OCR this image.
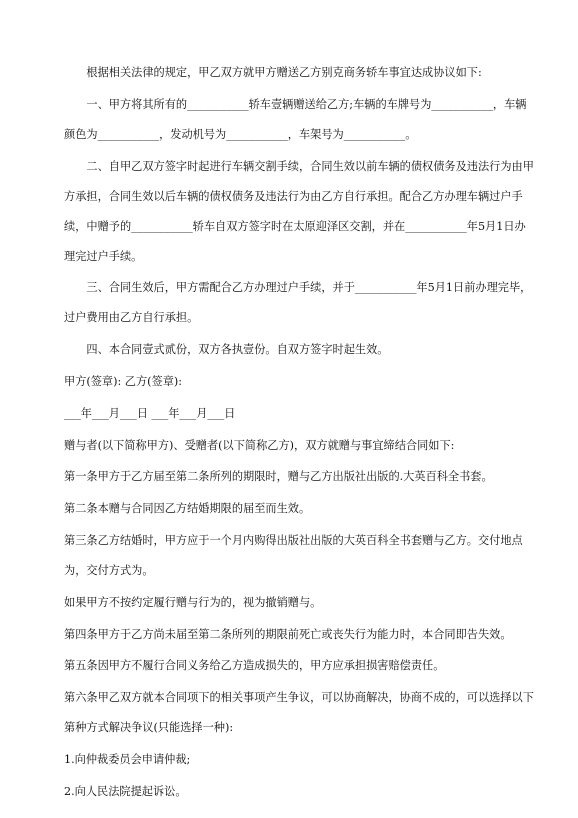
根据相关法律的规定，甲乙双方就甲方赠送乙方别克商务轿车事宜达成协议如下:

一、甲方将其所有的___________轿车壹辆赠送给乙方;车辆的车牌号为___________，车辆颜色为___________，发动机号为___________，车架号为___________。

二、自甲乙双方签字时起进行车辆交割手续，合同生效以前车辆的债权债务及违法行为由甲方承担，合同生效以后车辆的债权债务及违法行为由乙方自行承担。配合乙方办理车辆过户手续，中赠予的___________轿车自双方签字时在太原迎泽区交割，并在___________年5月1日办理完过户手续。

三、合同生效后，甲方需配合乙方办理过户手续，并于___________年5月1日前办理完毕，过户费用由乙方自行承担。

四、本合同壹式贰份，双方各执壹份。自双方签字时起生效。

甲方(签章): 乙方(签章):

___年___月___日 ___年___月___日

赠与者(以下简称甲方)、受赠者(以下简称乙方)，双方就赠与事宜缔结合同如下:

第一条甲方于乙方届至第二条所列的期限时，赠与乙方出版社出版的.大英百科全书套。

第二条本赠与合同因乙方结婚期限的届至而生效。

第三条乙方结婚时，甲方应于一个月内购得出版社出版的大英百科全书套赠与乙方。交付地点为，交付方式为。

如果甲方不按约定履行赠与行为的，视为撤销赠与。

第四条甲方于乙方尚未届至第二条所列的期限前死亡或丧失行为能力时，本合同即告失效。

第五条因甲方不履行合同义务给乙方造成损失的，甲方应承担损害赔偿责任。

第六条甲乙双方就本合同项下的相关事项产生争议，可以协商解决，协商不成的，可以选择以下第种方式解决争议(只能选择一种):

1.向仲裁委员会申请仲裁;

2.向人民法院提起诉讼。
